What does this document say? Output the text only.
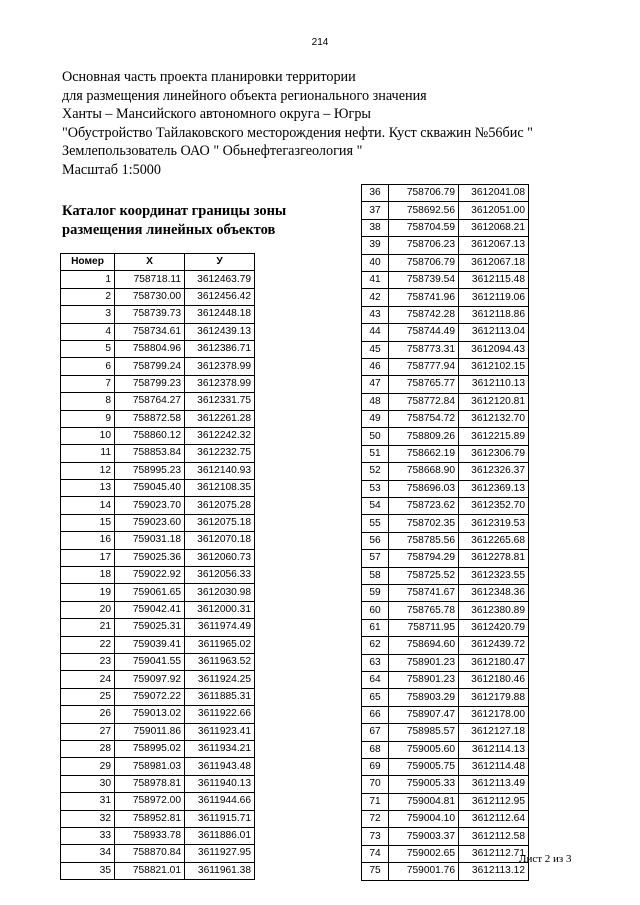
214
Основная часть проекта планировки территории
для размещения линейного объекта регионального значения
Ханты – Мансийского автономного округа – Югры
"Обустройство Тайлаковского месторождения нефти. Куст скважин №56бис "
Землепользователь ОАО " Обьнефтегазгеология "
Масштаб 1:5000
Каталог координат границы зоны
размещения линейных объектов
Номер	X	У
1	758718.11	3612463.79
2	758730.00	3612456.42
3	758739.73	3612448.18
4	758734.61	3612439.13
5	758804.96	3612386.71
6	758799.24	3612378.99
7	758799.23	3612378.99
8	758764.27	3612331.75
9	758872.58	3612261.28
10	758860.12	3612242.32
11	758853.84	3612232.75
12	758995.23	3612140.93
13	759045.40	3612108.35
14	759023.70	3612075.28
15	759023.60	3612075.18
16	759031.18	3612070.18
17	759025.36	3612060.73
18	759022.92	3612056.33
19	759061.65	3612030.98
20	759042.41	3612000.31
21	759025.31	3611974.49
22	759039.41	3611965.02
23	759041.55	3611963.52
24	759097.92	3611924.25
25	759072.22	3611885.31
26	759013.02	3611922.66
27	759011.86	3611923.41
28	758995.02	3611934.21
29	758981.03	3611943.48
30	758978.81	3611940.13
31	758972.00	3611944.66
32	758952.81	3611915.71
33	758933.78	3611886.01
34	758870.84	3611927.95
35	758821.01	3611961.38
36	758706.79	3612041.08
37	758692.56	3612051.00
38	758704.59	3612068.21
39	758706.23	3612067.13
40	758706.79	3612067.18
41	758739.54	3612115.48
42	758741.96	3612119.06
43	758742.28	3612118.86
44	758744.49	3612113.04
45	758773.31	3612094.43
46	758777.94	3612102.15
47	758765.77	3612110.13
48	758772.84	3612120.81
49	758754.72	3612132.70
50	758809.26	3612215.89
51	758662.19	3612306.79
52	758668.90	3612326.37
53	758696.03	3612369.13
54	758723.62	3612352.70
55	758702.35	3612319.53
56	758785.56	3612265.68
57	758794.29	3612278.81
58	758725.52	3612323.55
59	758741.67	3612348.36
60	758765.78	3612380.89
61	758711.95	3612420.79
62	758694.60	3612439.72
63	758901.23	3612180.47
64	758901.23	3612180.46
65	758903.29	3612179.88
66	758907.47	3612178.00
67	758985.57	3612127.18
68	759005.60	3612114.13
69	759005.75	3612114.48
70	759005.33	3612113.49
71	759004.81	3612112.95
72	759004.10	3612112.64
73	759003.37	3612112.58
74	759002.65	3612112.71
75	759001.76	3612113.12
Лист 2 из 3
